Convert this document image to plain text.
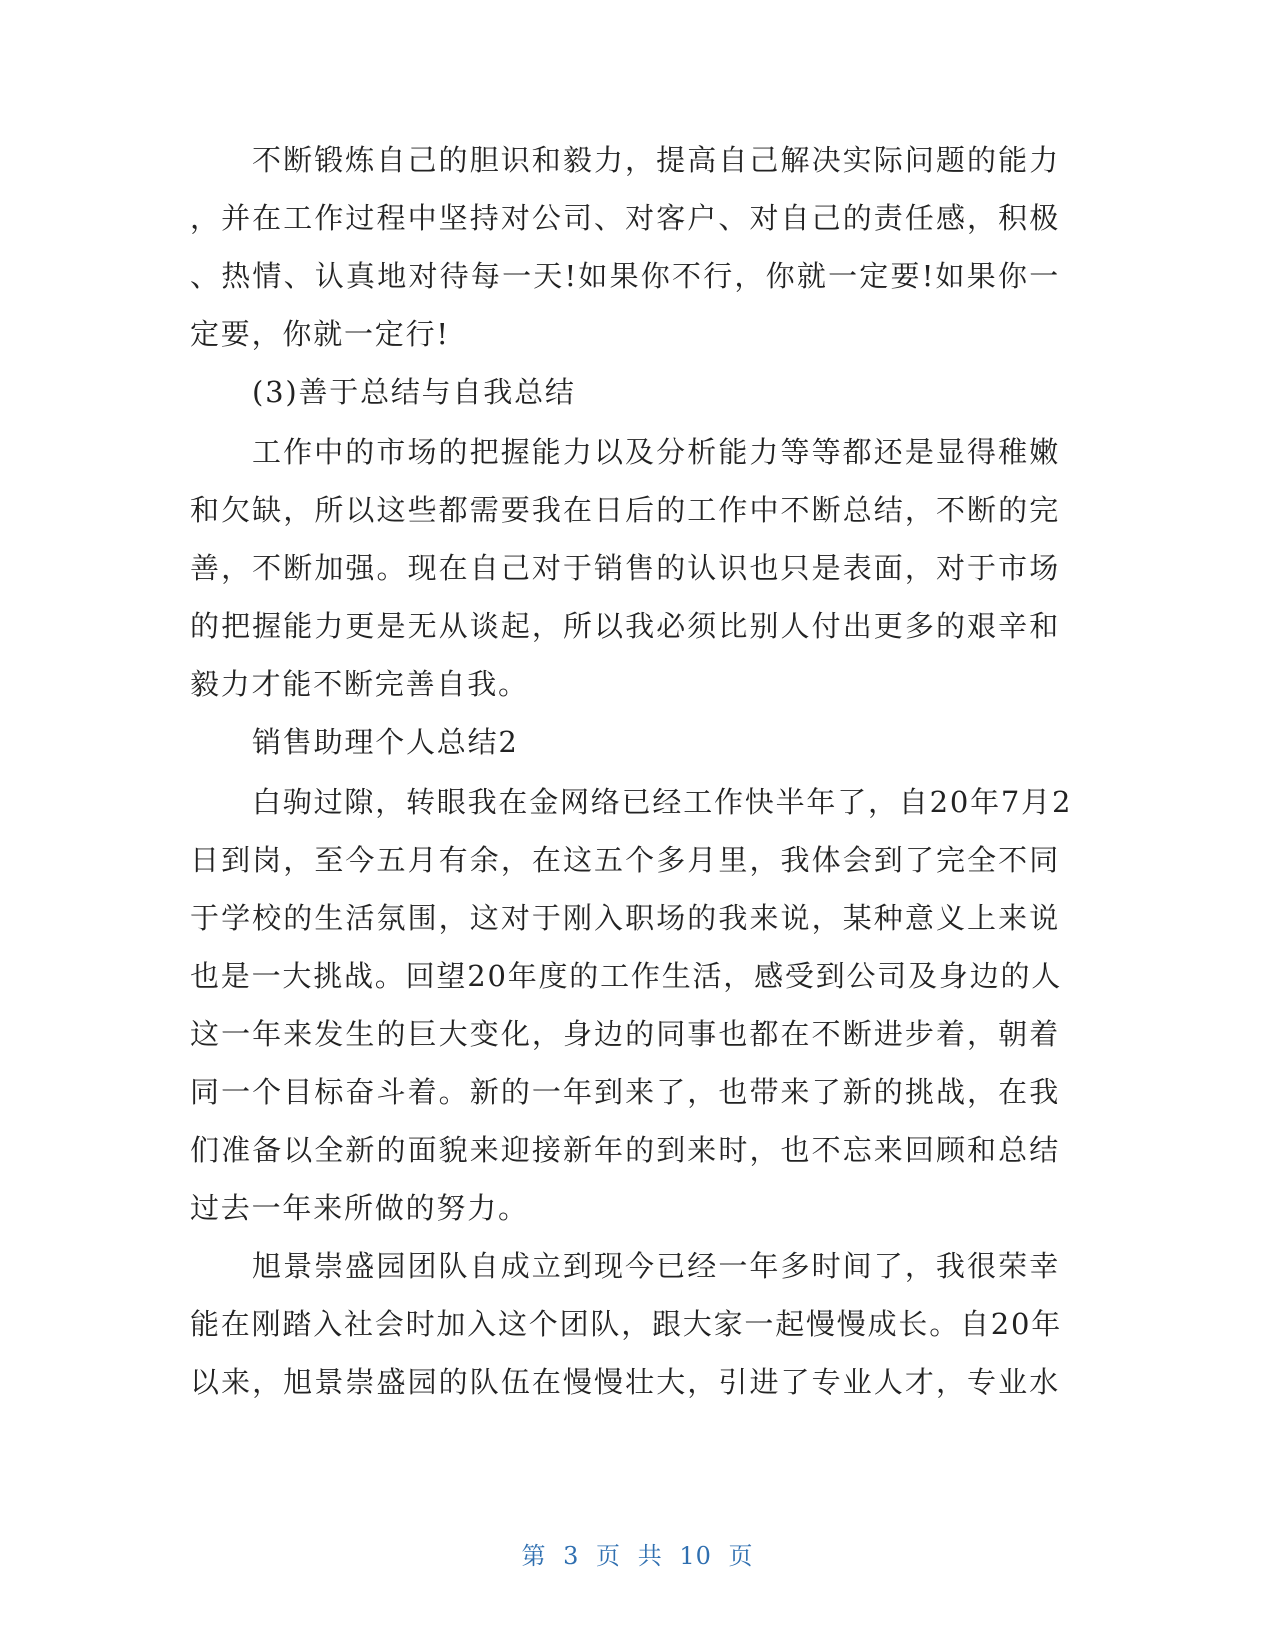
不断锻炼自己的胆识和毅力，提高自己解决实际问题的能力
，并在工作过程中坚持对公司、对客户、对自己的责任感，积极
、热情、认真地对待每一天!如果你不行，你就一定要!如果你一
定要，你就一定行!
(3)善于总结与自我总结
工作中的市场的把握能力以及分析能力等等都还是显得稚嫩
和欠缺，所以这些都需要我在日后的工作中不断总结，不断的完
善，不断加强。现在自己对于销售的认识也只是表面，对于市场
的把握能力更是无从谈起，所以我必须比别人付出更多的艰辛和
毅力才能不断完善自我。
销售助理个人总结2
白驹过隙，转眼我在金网络已经工作快半年了，自20年7月2
日到岗，至今五月有余，在这五个多月里，我体会到了完全不同
于学校的生活氛围，这对于刚入职场的我来说，某种意义上来说
也是一大挑战。回望20年度的工作生活，感受到公司及身边的人
这一年来发生的巨大变化，身边的同事也都在不断进步着，朝着
同一个目标奋斗着。新的一年到来了，也带来了新的挑战，在我
们准备以全新的面貌来迎接新年的到来时，也不忘来回顾和总结
过去一年来所做的努力。
旭景崇盛园团队自成立到现今已经一年多时间了，我很荣幸
能在刚踏入社会时加入这个团队，跟大家一起慢慢成长。自20年
以来，旭景崇盛园的队伍在慢慢壮大，引进了专业人才，专业水
第 3 页 共 10 页
